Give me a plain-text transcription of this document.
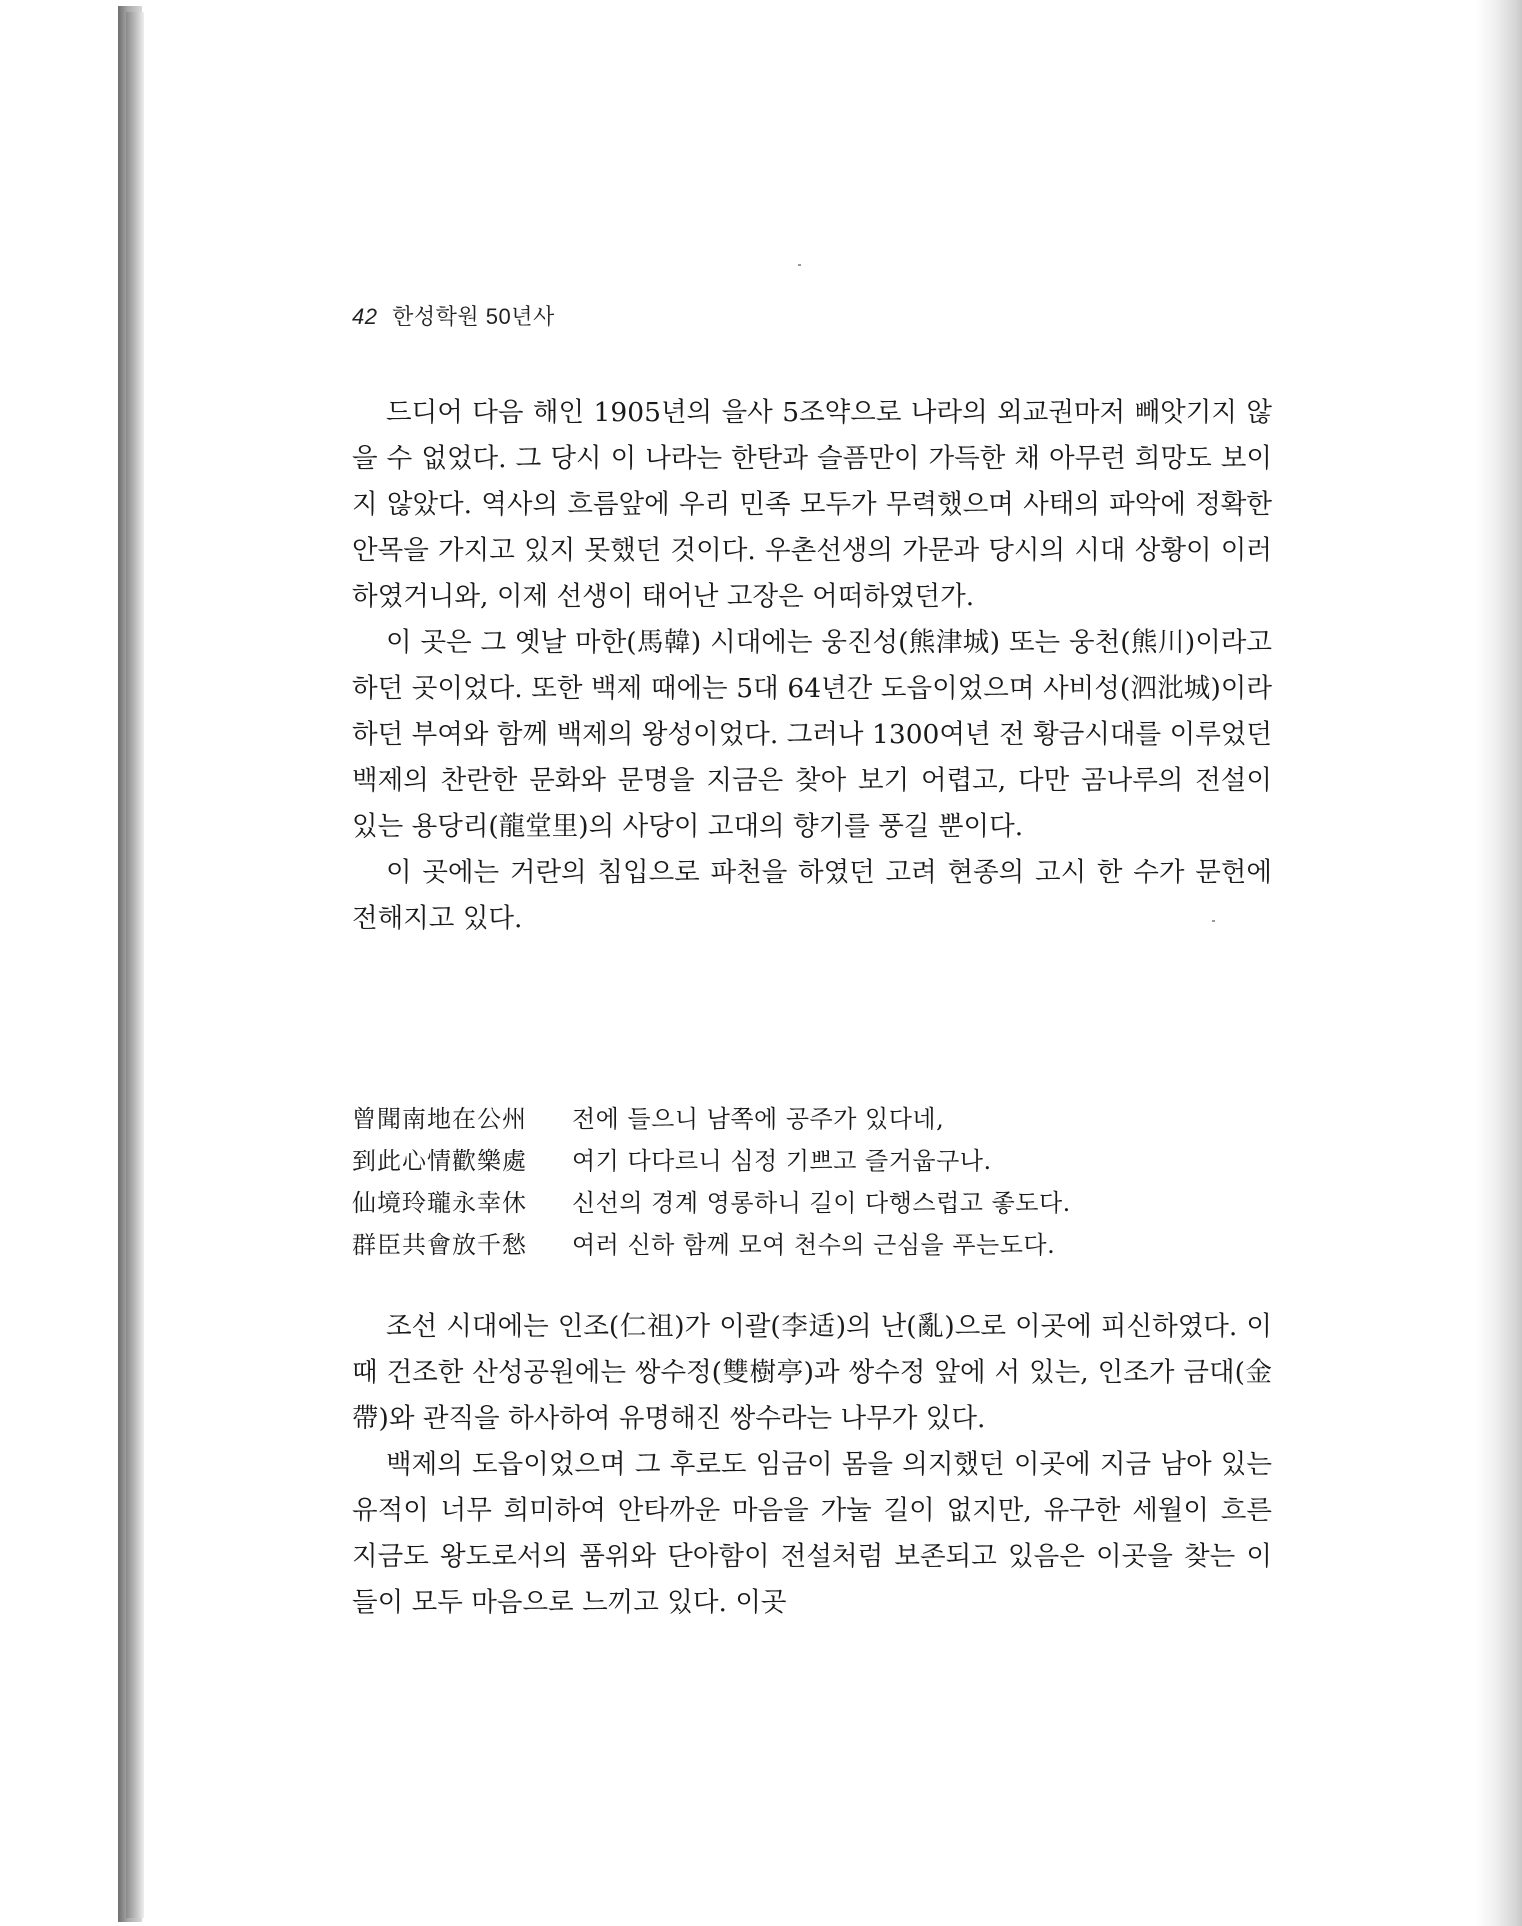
42 한성학원 50년사

드디어 다음 해인 1905년의 을사 5조약으로 나라의 외교권마저 빼앗기지 않을 수 없었다. 그 당시 이 나라는 한탄과 슬픔만이 가득한 채 아무런 희망도 보이지 않았다. 역사의 흐름앞에 우리 민족 모두가 무력했으며 사태의 파악에 정확한 안목을 가지고 있지 못했던 것이다. 우촌선생의 가문과 당시의 시대 상황이 이러하였거니와, 이제 선생이 태어난 고장은 어떠하였던가.

이 곳은 그 옛날 마한(馬韓) 시대에는 웅진성(熊津城) 또는 웅천(熊川)이라고 하던 곳이었다. 또한 백제 때에는 5대 64년간 도읍이었으며 사비성(泗沘城)이라 하던 부여와 함께 백제의 왕성이었다. 그러나 1300여년 전 황금시대를 이루었던 백제의 찬란한 문화와 문명을 지금은 찾아 보기 어렵고, 다만 곰나루의 전설이 있는 용당리(龍堂里)의 사당이 고대의 향기를 풍길 뿐이다.

이 곳에는 거란의 침입으로 파천을 하였던 고려 현종의 고시 한 수가 문헌에 전해지고 있다.

曾聞南地在公州	전에 들으니 남쪽에 공주가 있다네,
到此心情歡樂處	여기 다다르니 심정 기쁘고 즐거웁구나.
仙境玲瓏永幸休	신선의 경계 영롱하니 길이 다행스럽고 좋도다.
群臣共會放千愁	여러 신하 함께 모여 천수의 근심을 푸는도다.

조선 시대에는 인조(仁祖)가 이괄(李适)의 난(亂)으로 이곳에 피신하였다. 이때 건조한 산성공원에는 쌍수정(雙樹亭)과 쌍수정 앞에 서 있는, 인조가 금대(金帶)와 관직을 하사하여 유명해진 쌍수라는 나무가 있다.

백제의 도읍이었으며 그 후로도 임금이 몸을 의지했던 이곳에 지금 남아 있는 유적이 너무 희미하여 안타까운 마음을 가눌 길이 없지만, 유구한 세월이 흐른 지금도 왕도로서의 품위와 단아함이 전설처럼 보존되고 있음은 이곳을 찾는 이들이 모두 마음으로 느끼고 있다. 이곳
